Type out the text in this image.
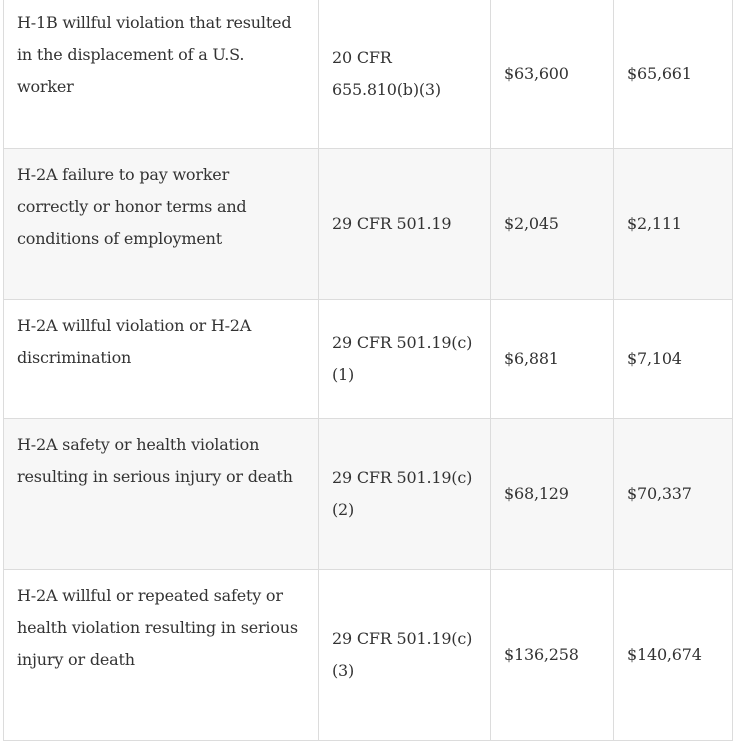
H-1B willful violation that resulted in the displacement of a U.S. worker	20 CFR 655.810(b)(3)	$63,600	$65,661
H-2A failure to pay worker correctly or honor terms and conditions of employment	29 CFR 501.19	$2,045	$2,111
H-2A willful violation or H-2A discrimination	29 CFR 501.19(c)(1)	$6,881	$7,104
H-2A safety or health violation resulting in serious injury or death	29 CFR 501.19(c)(2)	$68,129	$70,337
H-2A willful or repeated safety or health violation resulting in serious injury or death	29 CFR 501.19(c)(3)	$136,258	$140,674
